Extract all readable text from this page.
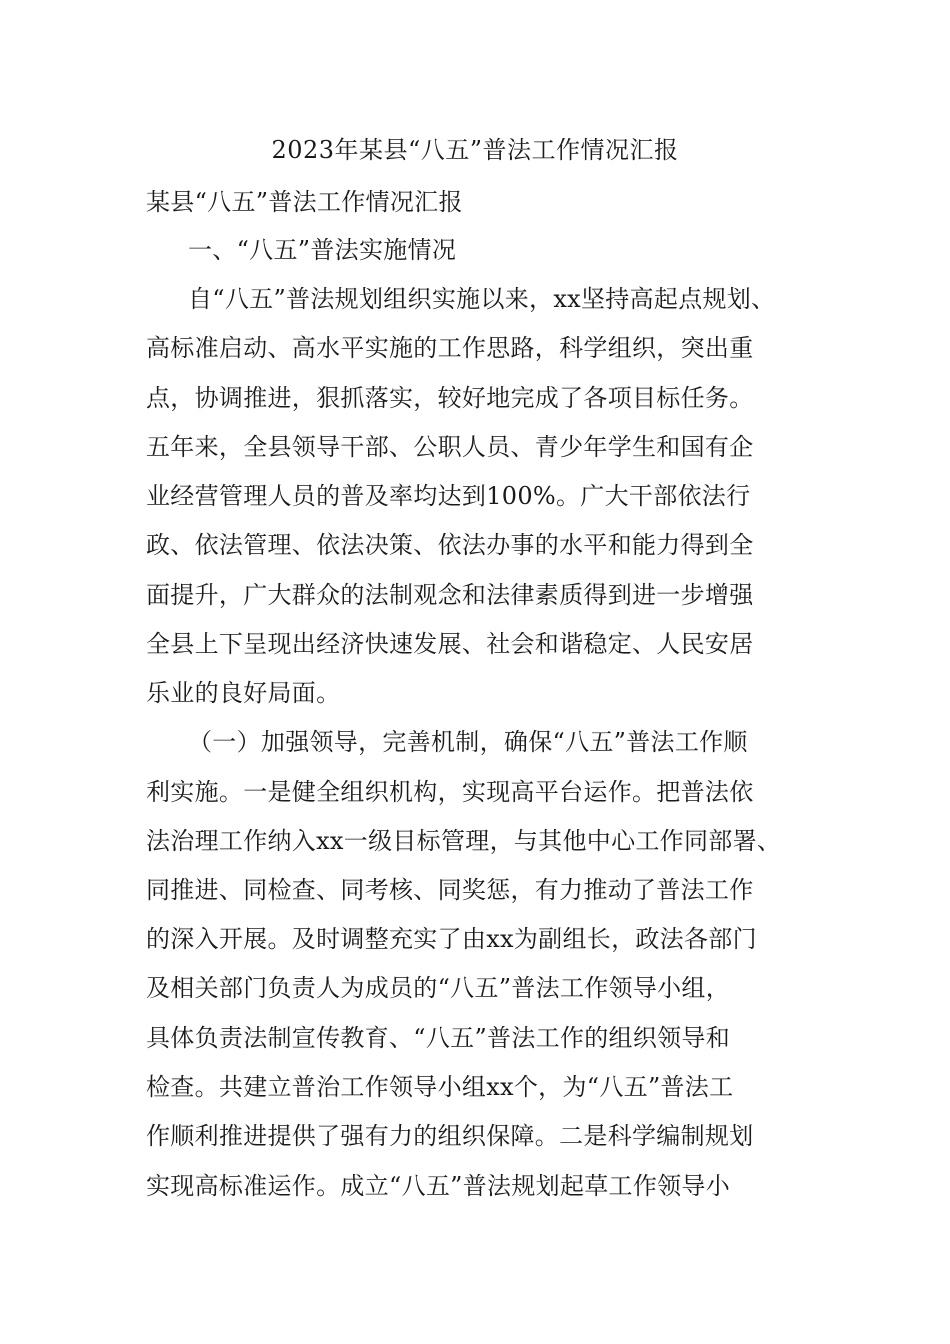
2023年某县“八五”普法工作情况汇报
某县“八五”普法工作情况汇报
一、“八五”普法实施情况
自“八五”普法规划组织实施以来，xx坚持高起点规划、
高标准启动、高水平实施的工作思路，科学组织，突出重
点，协调推进，狠抓落实，较好地完成了各项目标任务。
五年来，全县领导干部、公职人员、青少年学生和国有企
业经营管理人员的普及率均达到100%。广大干部依法行
政、依法管理、依法决策、依法办事的水平和能力得到全
面提升，广大群众的法制观念和法律素质得到进一步增强
全县上下呈现出经济快速发展、社会和谐稳定、人民安居
乐业的良好局面。
（一）加强领导，完善机制，确保“八五”普法工作顺
利实施。一是健全组织机构，实现高平台运作。把普法依
法治理工作纳入xx一级目标管理，与其他中心工作同部署、
同推进、同检查、同考核、同奖惩，有力推动了普法工作
的深入开展。及时调整充实了由xx为副组长，政法各部门
及相关部门负责人为成员的“八五”普法工作领导小组，
具体负责法制宣传教育、“八五”普法工作的组织领导和
检查。共建立普治工作领导小组xx个，为“八五”普法工
作顺利推进提供了强有力的组织保障。二是科学编制规划
实现高标准运作。成立“八五”普法规划起草工作领导小
